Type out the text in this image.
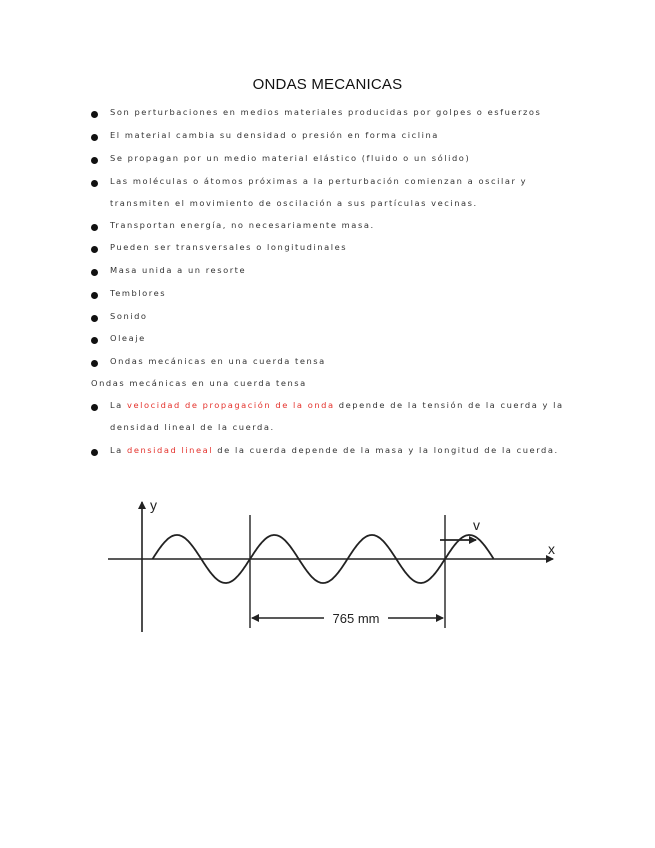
ONDAS MECANICAS
Son perturbaciones en medios materiales producidas por golpes o esfuerzos
El material cambia su densidad o presión en forma ciclina
Se propagan por un medio material elástico (fluido o un sólido)
Las moléculas o átomos próximas a la perturbación comienzan a oscilar y
transmiten el movimiento de oscilación a sus partículas vecinas.
Transportan energía, no necesariamente masa.
Pueden ser transversales o longitudinales
Masa unida a un resorte
Temblores
Sonido
Oleaje
Ondas mecánicas en una cuerda tensa
Ondas mecánicas en una cuerda tensa
La velocidad de propagación de la onda depende de la tensión de la cuerda y la
densidad lineal de la cuerda.
La densidad lineal de la cuerda depende de la masa y la longitud de la cuerda.
x
y
v
765 mm
